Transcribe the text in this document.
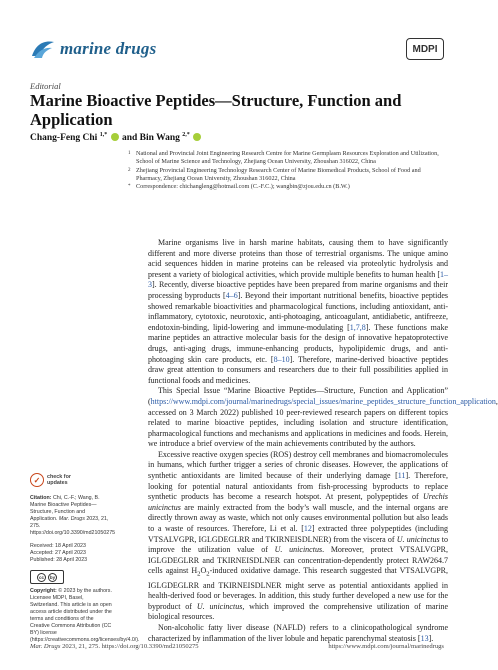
marine drugs	MDPI
Editorial
Marine Bioactive Peptides—Structure, Function and Application
Chang-Feng Chi $^{1,*}$  and Bin Wang $^{2,*}$
1 National and Provincial Joint Engineering Research Centre for Marine Germplasm Resources Exploration and Utilization, School of Marine Science and Technology, Zhejiang Ocean University, Zhoushan 316022, China
2 Zhejiang Provincial Engineering Technology Research Center of Marine Biomedical Products, School of Food and Pharmacy, Zhejiang Ocean University, Zhoushan 316022, China
* Correspondence: chichangleng@hotmail.com (C.-F.C.); wangbin@zjou.edu.cn (B.W.)

Marine organisms live in harsh marine habitats, causing them to have significantly different and more diverse proteins than those of terrestrial organisms. The unique amino acid sequences hidden in marine proteins can be released via proteolytic hydrolysis and present a variety of biological activities, which provide multiple benefits to human health [1–3]. Recently, diverse bioactive peptides have been prepared from marine organisms and their processing byproducts [4–6]. Beyond their important nutritional benefits, bioactive peptides showed remarkable bioactivities and pharmacological functions, including antioxidant, anti-inflammatory, cytotoxic, neurotoxic, anti-photoaging, anticoagulant, antidiabetic, antifreeze, endotoxin-binding, lipid-lowering and immune-modulating [1,7,8]. These functions make marine peptides an attractive molecular basis for the design of innovative hepatoprotective drugs, anti-aging drugs, immune-enhancing products, hypolipidemic drugs, and anti-photoaging skin care products, etc. [8–10]. Therefore, marine-derived bioactive peptides draw great attention to consumers and researchers due to their full possibilities applied in functional foods and medicines.

This Special Issue “Marine Bioactive Peptides—Structure, Function and Application” (https://www.mdpi.com/journal/marinedrugs/special_issues/marine_peptides_structure_function_application, accessed on 3 March 2022) published 10 peer-reviewed research papers on different topics related to marine bioactive peptides, including isolation and structure identification, pharmacological functions and mechanisms and applications in medicines and foods. Herein, we introduce a brief overview of the main achievements contributed by the authors.

Excessive reactive oxygen species (ROS) destroy cell membranes and biomacromolecules in humans, which further trigger a series of chronic diseases. However, the applications of synthetic antioxidants are limited because of their underlying damage [11]. Therefore, looking for potential natural antioxidants from fish-processing byproducts to replace synthetic products has become a research hotspot. At present, polypeptides of Urechis unicinctus are mainly extracted from the body’s wall muscle, and the internal organs are directly thrown away as waste, which not only causes environmental pollution but also leads to a waste of resources. Therefore, Li et al. [12] extracted three polypeptides (including VTSALVGPR, IGLGDEGLRR and TKIRNEISDLNER) from the viscera of U. unicinctus to improve the utilization value of U. unicinctus. Moreover, protect VTSALVGPR, IGLGDEGLRR and TKIRNEISDLNER can concentration-dependently protect RAW264.7 cells against $H_2O_2$-induced oxidative damage. This research suggested that VTSALVGPR, IGLGDEGLRR and TKIRNEISDLNER might serve as potential antioxidants applied in health-derived food or beverages. In addition, this study further developed a new use for the byproduct of U. unicinctus, which improved the comprehensive utilization of marine biological resources.

Non-alcoholic fatty liver disease (NAFLD) refers to a clinicopathological syndrome characterized by inflammation of the liver lobule and hepatic parenchymal steatosis [13].

✓	check for
updates
Citation: Chi, C.-F.; Wang, B. Marine Bioactive Peptides—Structure, Function and Application. Mar. Drugs 2023, 21, 275. https://doi.org/10.3390/md21050275
Received: 18 April 2023
Accepted: 27 April 2023
Published: 28 April 2023
cc	by
Copyright: © 2023 by the authors. Licensee MDPI, Basel, Switzerland. This article is an open access article distributed under the terms and conditions of the Creative Commons Attribution (CC BY) license (https://creativecommons.org/licenses/by/4.0/).
Mar. Drugs 2023, 21, 275. https://doi.org/10.3390/md21050275	https://www.mdpi.com/journal/marinedrugs
